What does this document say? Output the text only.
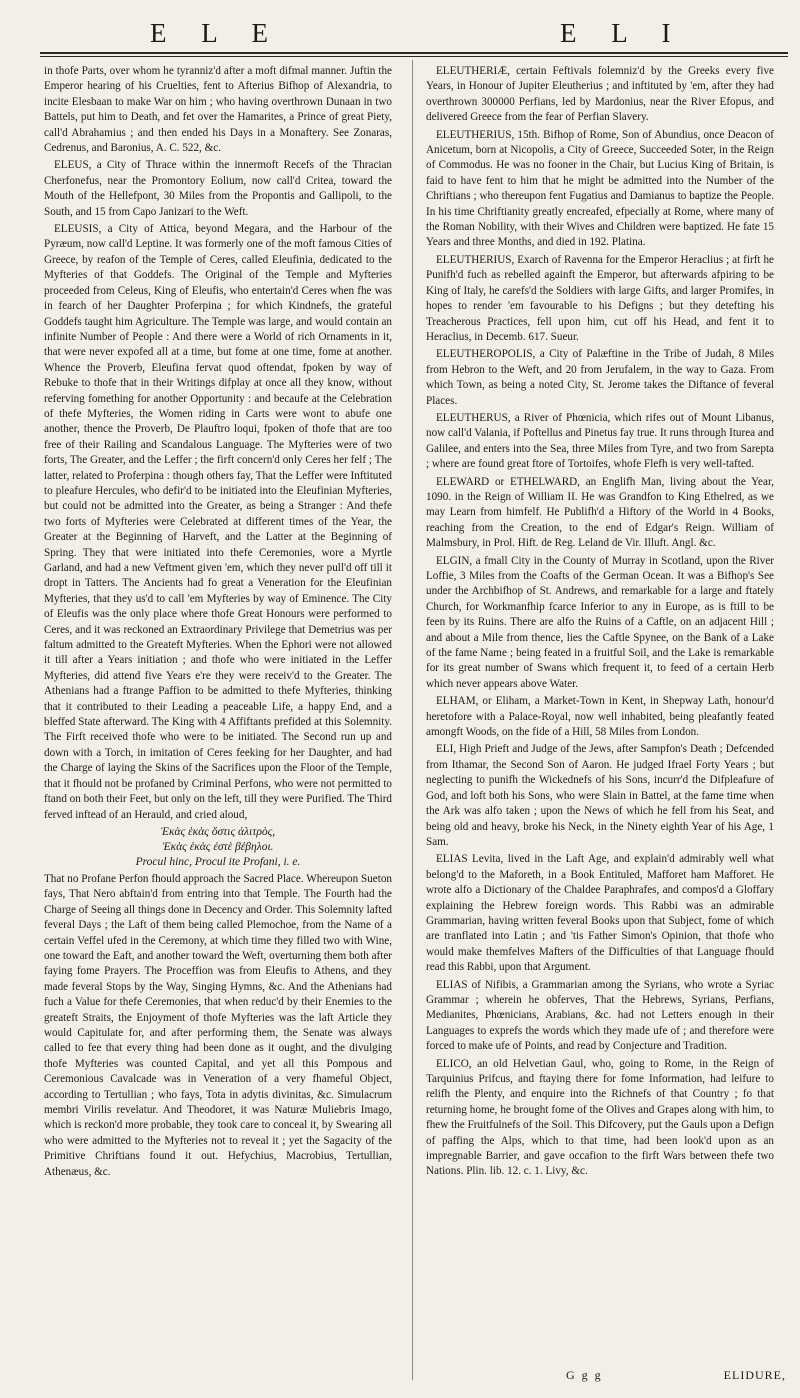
E L E	E L I

in thofe Parts, over whom he tyranniz'd after a moft difmal manner. Juftin the Emperor hearing of his Cruelties, fent to Afterius Bifhop of Alexandria, to incite Elesbaan to make War on him ; who having overthrown Dunaan in two Battels, put him to Death, and fet over the Hamarites, a Prince of great Piety, call'd Abrahamius ; and then ended his Days in a Monaftery. See Zonaras, Cedrenus, and Baronius, A. C. 522, &c.

ELEUS, a City of Thrace within the innermoft Recefs of the Thracian Cherfonefus, near the Promontory Eolium, now call'd Critea, toward the Mouth of the Hellefpont, 30 Miles from the Propontis and Gallipoli, to the South, and 15 from Capo Janizari to the Weft.

ELEUSIS, a City of Attica, beyond Megara, and the Harbour of the Pyræum, now call'd Leptine. It was formerly one of the moft famous Cities of Greece, by reafon of the Temple of Ceres, called Eleufinia, dedicated to the Myfteries of that Goddefs. The Original of the Temple and Myfteries proceeded from Celeus, King of Eleufis, who entertain'd Ceres when fhe was in fearch of her Daughter Proferpina ; for which Kindnefs, the grateful Goddefs taught him Agriculture. The Temple was large, and would contain an infinite Number of People : And there were a World of rich Ornaments in it, that were never expofed all at a time, but fome at one time, fome at another. Whence the Proverb, Eleufina fervat quod oftendat, fpoken by way of Rebuke to thofe that in their Writings difplay at once all they know, without referving fomething for another Opportunity : and becaufe at the Celebration of thefe Myfteries, the Women riding in Carts were wont to abufe one another, thence the Proverb, De Plauftro loqui, fpoken of thofe that are too free of their Railing and Scandalous Language. The Myfteries were of two forts, The Greater, and the Leffer ; the firft concern'd only Ceres her felf ; The latter, related to Proferpina : though others fay, That the Leffer were Inftituted to pleafure Hercules, who defir'd to be initiated into the Eleufinian Myfteries, but could not be admitted into the Greater, as being a Stranger : And thefe two forts of Myfteries were Celebrated at different times of the Year, the Greater at the Beginning of Harveft, and the Latter at the Beginning of Spring. They that were initiated into thefe Ceremonies, wore a Myrtle Garland, and had a new Veftment given 'em, which they never pull'd off till it dropt in Tatters. The Ancients had fo great a Veneration for the Eleufinian Myfteries, that they us'd to call 'em Myfteries by way of Eminence. The City of Eleufis was the only place where thofe Great Honours were performed to Ceres, and it was reckoned an Extraordinary Privilege that Demetrius was per faltum admitted to the Greateft Myfteries. When the Ephori were not allowed it till after a Years initiation ; and thofe who were initiated in the Leffer Myfteries, did attend five Years e're they were receiv'd to the Greater. The Athenians had a ftrange Paffion to be admitted to thefe Myfteries, thinking that it contributed to their Leading a peaceable Life, a happy End, and a bleffed State afterward. The King with 4 Affiftants prefided at this Solemnity. The Firft received thofe who were to be initiated. The Second run up and down with a Torch, in imitation of Ceres feeking for her Daughter, and had the Charge of laying the Skins of the Sacrifices upon the Floor of the Temple, that it fhould not be profaned by Criminal Perfons, who were not permitted to ftand on both their Feet, but only on the left, till they were Purified. The Third ferved inftead of an Herauld, and cried aloud,

Ἑκὰς ἑκὰς ὅστις ἀλιτρὸς,
Ἑκὰς ἑκὰς ἐστὲ βέβηλοι.
Procul hinc, Procul ite Profani, i. e.

That no Profane Perfon fhould approach the Sacred Place. Whereupon Sueton fays, That Nero abftain'd from entring into that Temple. The Fourth had the Charge of Seeing all things done in Decency and Order. This Solemnity lafted feveral Days ; the Laft of them being called Plemochoe, from the Name of a certain Veffel ufed in the Ceremony, at which time they filled two with Wine, one toward the Eaft, and another toward the Weft, overturning them both after faying fome Prayers. The Proceffion was from Eleufis to Athens, and they made feveral Stops by the Way, Singing Hymns, &c. And the Athenians had fuch a Value for thefe Ceremonies, that when reduc'd by their Enemies to the greateft Straits, the Enjoyment of thofe Myfteries was the laft Article they would Capitulate for, and after performing them, the Senate was always called to fee that every thing had been done as it ought, and the divulging thofe Myfteries was counted Capital, and yet all this Pompous and Ceremonious Cavalcade was in Veneration of a very fhameful Object, according to Tertullian ; who fays, Tota in adytis divinitas, &c. Simulacrum membri Virilis revelatur. And Theodoret, it was Naturæ Muliebris Imago, which is reckon'd more probable, they took care to conceal it, by Swearing all who were admitted to the Myfteries not to reveal it ; yet the Sagacity of the Primitive Chriftians found it out. Hefychius, Macrobius, Tertullian, Athenæus, &c.

ELEUTHERIÆ, certain Feftivals folemniz'd by the Greeks every five Years, in Honour of Jupiter Eleutherius ; and inftituted by 'em, after they had overthrown 300000 Perfians, led by Mardonius, near the River Efopus, and delivered Greece from the fear of Perfian Slavery.

ELEUTHERIUS, 15th. Bifhop of Rome, Son of Abundius, once Deacon of Anicetum, born at Nicopolis, a City of Greece, Succeeded Soter, in the Reign of Commodus. He was no fooner in the Chair, but Lucius King of Britain, is faid to have fent to him that he might be admitted into the Number of the Chriftians ; who thereupon fent Fugatius and Damianus to baptize the People. In his time Chriftianity greatly encreafed, efpecially at Rome, where many of the Roman Nobility, with their Wives and Children were baptized. He fate 15 Years and three Months, and died in 192. Platina.

ELEUTHERIUS, Exarch of Ravenna for the Emperor Heraclius ; at firft he Punifh'd fuch as rebelled againft the Emperor, but afterwards afpiring to be King of Italy, he carefs'd the Soldiers with large Gifts, and larger Promifes, in hopes to render 'em favourable to his Defigns ; but they detefting his Treacherous Practices, fell upon him, cut off his Head, and fent it to Heraclius, in Decemb. 617. Sueur.

ELEUTHEROPOLIS, a City of Palæftine in the Tribe of Judah, 8 Miles from Hebron to the Weft, and 20 from Jerufalem, in the way to Gaza. From which Town, as being a noted City, St. Jerome takes the Diftance of feveral Places.

ELEUTHERUS, a River of Phœnicia, which rifes out of Mount Libanus, now call'd Valania, if Poftellus and Pinetus fay true. It runs through Iturea and Galilee, and enters into the Sea, three Miles from Tyre, and two from Sarepta ; where are found great ftore of Tortoifes, whofe Flefh is very well-tafted.

ELEWARD or ETHELWARD, an Englifh Man, living about the Year, 1090. in the Reign of William II. He was Grandfon to King Ethelred, as we may Learn from himfelf. He Publifh'd a Hiftory of the World in 4 Books, reaching from the Creation, to the end of Edgar's Reign. William of Malmsbury, in Prol. Hift. de Reg. Leland de Vir. Illuft. Angl. &c.

ELGIN, a fmall City in the County of Murray in Scotland, upon the River Loffie, 3 Miles from the Coafts of the German Ocean. It was a Bifhop's See under the Archbifhop of St. Andrews, and remarkable for a large and ftately Church, for Workmanfhip fcarce Inferior to any in Europe, as is ftill to be feen by its Ruins. There are alfo the Ruins of a Caftle, on an adjacent Hill ; and about a Mile from thence, lies the Caftle Spynee, on the Bank of a Lake of the fame Name ; being feated in a fruitful Soil, and the Lake is remarkable for its great number of Swans which frequent it, to feed of a certain Herb which never appears above Water.

ELHAM, or Eliham, a Market-Town in Kent, in Shepway Lath, honour'd heretofore with a Palace-Royal, now well inhabited, being pleafantly feated amongft Woods, on the fide of a Hill, 58 Miles from London.

ELI, High Prieft and Judge of the Jews, after Sampfon's Death ; Defcended from Ithamar, the Second Son of Aaron. He judged Ifrael Forty Years ; but neglecting to punifh the Wickednefs of his Sons, incurr'd the Difpleafure of God, and loft both his Sons, who were Slain in Battel, at the fame time when the Ark was alfo taken ; upon the News of which he fell from his Seat, and being old and heavy, broke his Neck, in the Ninety eighth Year of his Age, 1 Sam.

ELIAS Levita, lived in the Laft Age, and explain'd admirably well what belong'd to the Maforeth, in a Book Entituled, Mafforet ham Mafforet. He wrote alfo a Dictionary of the Chaldee Paraphrafes, and compos'd a Gloffary explaining the Hebrew foreign words. This Rabbi was an admirable Grammarian, having written feveral Books upon that Subject, fome of which are tranflated into Latin ; and 'tis Father Simon's Opinion, that thofe who would make themfelves Mafters of the Difficulties of that Language fhould read this Rabbi, upon that Argument.

ELIAS of Nifibis, a Grammarian among the Syrians, who wrote a Syriac Grammar ; wherein he obferves, That the Hebrews, Syrians, Perfians, Medianites, Phœnicians, Arabians, &c. had not Letters enough in their Languages to exprefs the words which they made ufe of ; and therefore were forced to make ufe of Points, and read by Conjecture and Tradition.

ELICO, an old Helvetian Gaul, who, going to Rome, in the Reign of Tarquinius Prifcus, and ftaying there for fome Information, had leifure to relifh the Plenty, and enquire into the Richnefs of that Country ; fo that returning home, he brought fome of the Olives and Grapes along with him, to fhew the Fruitfulnefs of the Soil. This Difcovery, put the Gauls upon a Defign of paffing the Alps, which to that time, had been look'd upon as an impregnable Barrier, and gave occafion to the firft Wars between thefe two Nations. Plin. lib. 12. c. 1. Livy, &c.

G g g	ELIDURE,
